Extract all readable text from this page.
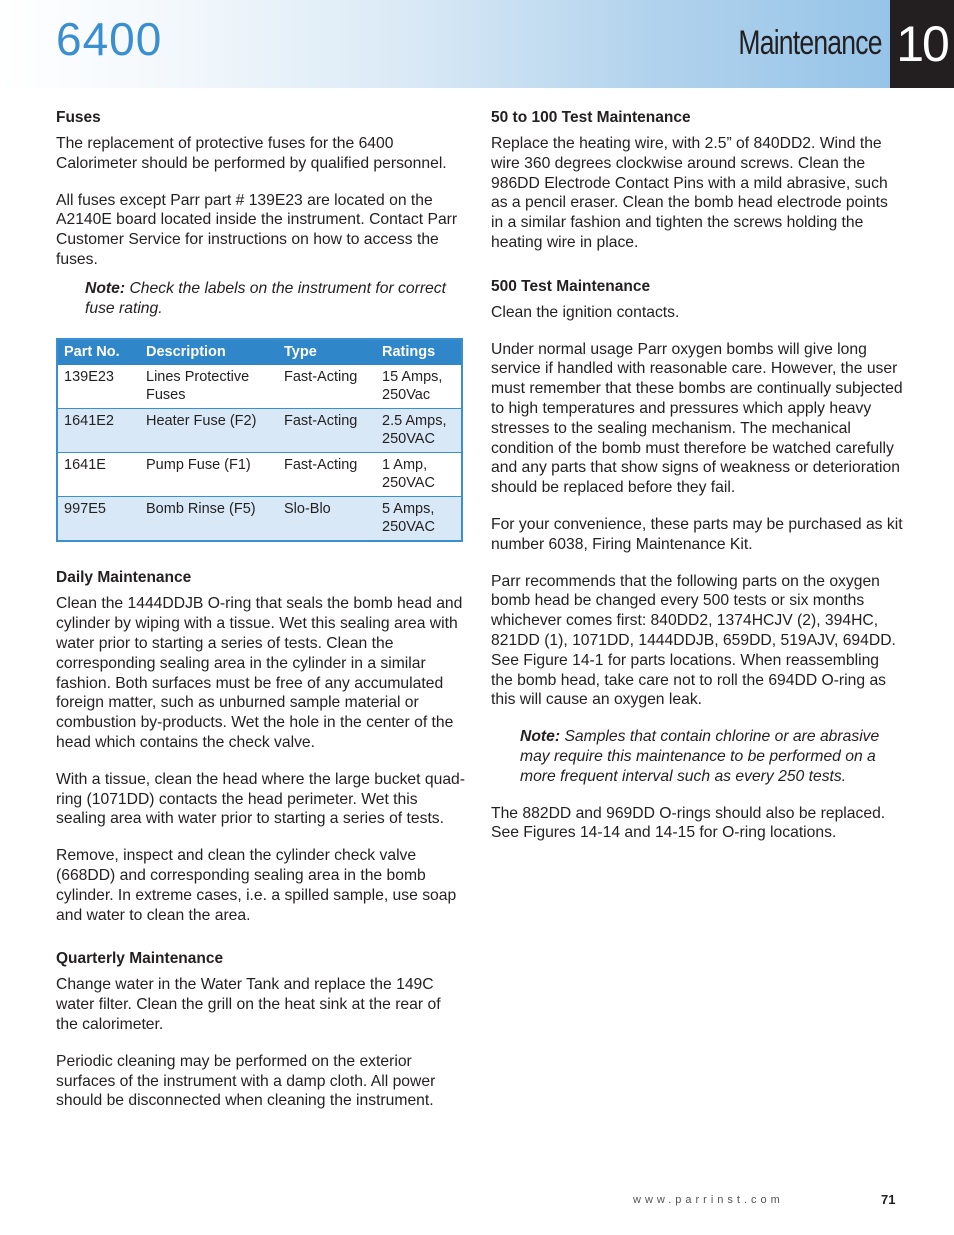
6400	Maintenance 10
Fuses

The replacement of protective fuses for the 6400 Calorimeter should be performed by qualified personnel.

All fuses except Parr part # 139E23 are located on the A2140E board located inside the instrument. Contact Parr Customer Service for instructions on how to access the fuses.

Note: Check the labels on the instrument for correct fuse rating.
Part No.	Description	Type	Ratings
139E23	Lines Protective Fuses	Fast-Acting	15 Amps, 250Vac
1641E2	Heater Fuse (F2)	Fast-Acting	2.5 Amps, 250VAC
1641E	Pump Fuse (F1)	Fast-Acting	1 Amp, 250VAC
997E5	Bomb Rinse (F5)	Slo-Blo	5 Amps, 250VAC
Daily Maintenance

Clean the 1444DDJB O-ring that seals the bomb head and cylinder by wiping with a tissue. Wet this sealing area with water prior to starting a series of tests. Clean the corresponding sealing area in the cylinder in a similar fashion. Both surfaces must be free of any accumulated foreign matter, such as unburned sample material or combustion by-products. Wet the hole in the center of the head which contains the check valve.

With a tissue, clean the head where the large bucket quad-ring (1071DD) contacts the head perimeter. Wet this sealing area with water prior to starting a series of tests.

Remove, inspect and clean the cylinder check valve (668DD) and corresponding sealing area in the bomb cylinder. In extreme cases, i.e. a spilled sample, use soap and water to clean the area.

Quarterly Maintenance

Change water in the Water Tank and replace the 149C water filter. Clean the grill on the heat sink at the rear of the calorimeter.

Periodic cleaning may be performed on the exterior surfaces of the instrument with a damp cloth. All power should be disconnected when cleaning the instrument.

50 to 100 Test Maintenance

Replace the heating wire, with 2.5” of 840DD2. Wind the wire 360 degrees clockwise around screws. Clean the 986DD Electrode Contact Pins with a mild abrasive, such as a pencil eraser. Clean the bomb head electrode points in a similar fashion and tighten the screws holding the heating wire in place.

500 Test Maintenance

Clean the ignition contacts.

Under normal usage Parr oxygen bombs will give long service if handled with reasonable care. However, the user must remember that these bombs are continually subjected to high temperatures and pressures which apply heavy stresses to the sealing mechanism. The mechanical condition of the bomb must therefore be watched carefully and any parts that show signs of weakness or deterioration should be replaced before they fail.

For your convenience, these parts may be purchased as kit number 6038, Firing Maintenance Kit.

Parr recommends that the following parts on the oxygen bomb head be changed every 500 tests or six months whichever comes first: 840DD2, 1374HCJV (2), 394HC, 821DD (1), 1071DD, 1444DDJB, 659DD, 519AJV, 694DD. See Figure 14-1 for parts locations. When reassembling the bomb head, take care not to roll the 694DD O-ring as this will cause an oxygen leak.

Note: Samples that contain chlorine or are abrasive may require this maintenance to be performed on a more frequent interval such as every 250 tests.

The 882DD and 969DD O-rings should also be replaced. See Figures 14-14 and 14-15 for O-ring locations.

www.parrinst.com	71
